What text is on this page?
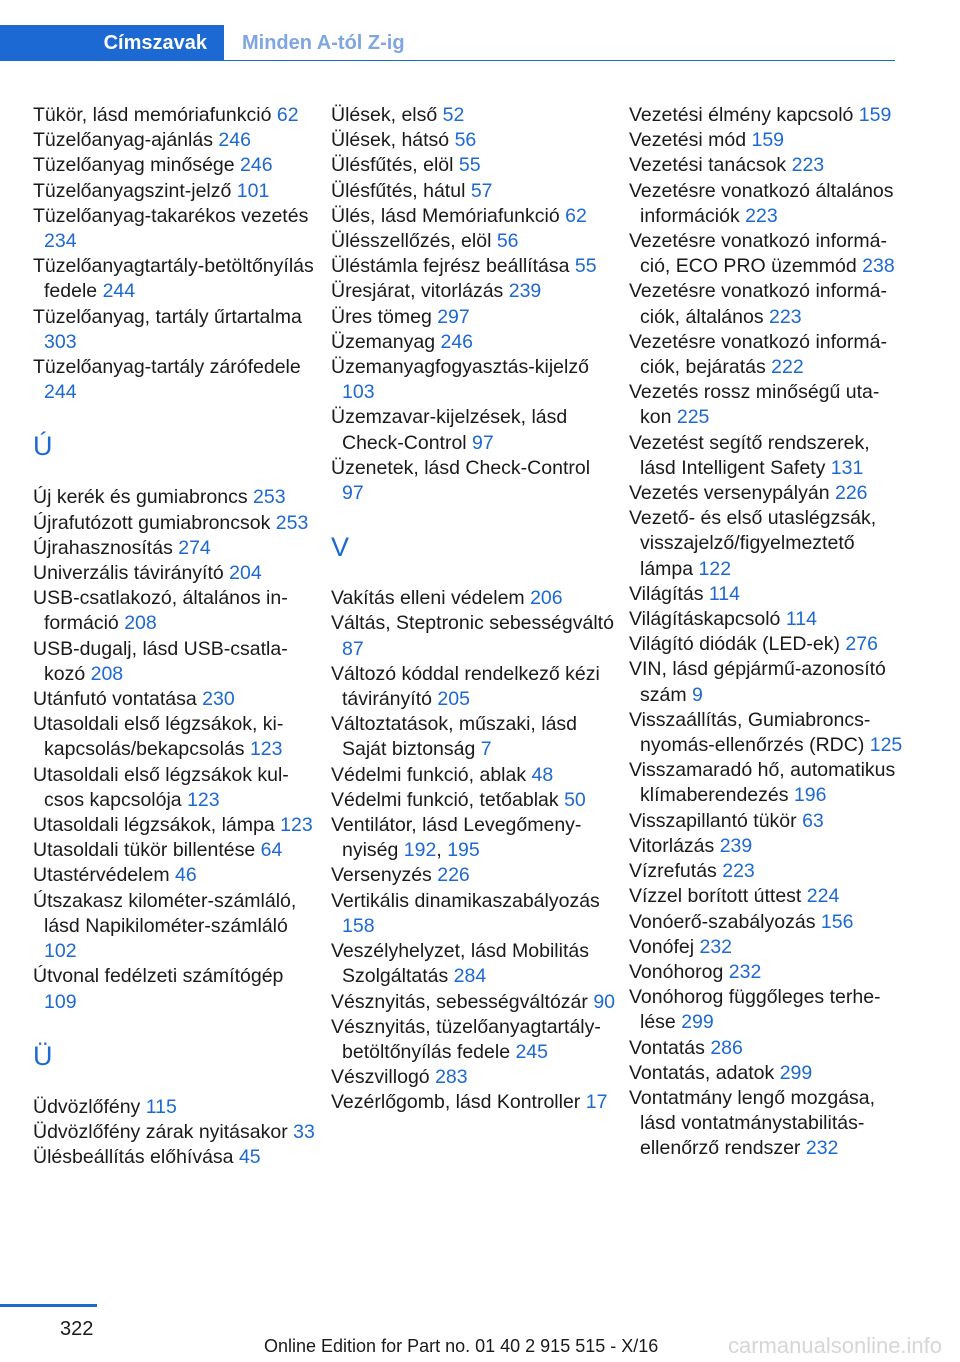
Címszavak Minden A-tól Z-ig
Tükör, lásd memóriafunkció 62
Tüzelőanyag-ajánlás 246
Tüzelőanyag minősége 246
Tüzelőanyagszint-jelző 101
Tüzelőanyag-takarékos vezetés 234
Tüzelőanyagtartály-betöltőnyílás fedele 244
Tüzelőanyag, tartály űrtartalma 303
Tüzelőanyag-tartály zárófedele 244
Ú
Új kerék és gumiabroncs 253
Újrafutózott gumiabroncsok 253
Újrahasznosítás 274
Univerzális távirányító 204
USB-csatlakozó, általános információ 208
USB-dugalj, lásd USB-csatlakozó 208
Utánfutó vontatása 230
Utasoldali első légzsákok, kikapcsolás/bekapcsolás 123
Utasoldali első légzsákok kulcsos kapcsolója 123
Utasoldali légzsákok, lámpa 123
Utasoldali tükör billentése 64
Utastérvédelem 46
Útszakasz kilométer-számláló, lásd Napikilométer-számláló 102
Útvonal fedélzeti számítógép 109
Ü
Üdvözlőfény 115
Üdvözlőfény zárak nyitásakor 33
Ülésbeállítás előhívása 45
Ülések, első 52
Ülések, hátsó 56
Ülésfűtés, elöl 55
Ülésfűtés, hátul 57
Ülés, lásd Memóriafunkció 62
Ülésszellőzés, elöl 56
Üléstámla fejrész beállítása 55
Üresjárat, vitorlázás 239
Üres tömeg 297
Üzemanyag 246
Üzemanyagfogyasztás-kijelző 103
Üzemzavar-kijelzések, lásd Check-Control 97
Üzenetek, lásd Check-Control 97
V
Vakítás elleni védelem 206
Váltás, Steptronic sebességváltó 87
Változó kóddal rendelkező kézi távirányító 205
Változtatások, műszaki, lásd Saját biztonság 7
Védelmi funkció, ablak 48
Védelmi funkció, tetőablak 50
Ventilátor, lásd Levegőmenynyiség 192, 195
Versenyzés 226
Vertikális dinamikaszabályozás 158
Veszélyhelyzet, lásd Mobilitás Szolgáltatás 284
Vésznyitás, sebességváltózár 90
Vésznyitás, tüzelőanyagtartály-betöltőnyílás fedele 245
Vészvillogó 283
Vezérlőgomb, lásd Kontroller 17
Vezetési élmény kapcsoló 159
Vezetési mód 159
Vezetési tanácsok 223
Vezetésre vonatkozó általános információk 223
Vezetésre vonatkozó információ, ECO PRO üzemmód 238
Vezetésre vonatkozó információk, általános 223
Vezetésre vonatkozó információk, bejáratás 222
Vezetés rossz minőségű utakon 225
Vezetést segítő rendszerek, lásd Intelligent Safety 131
Vezetés versenypályán 226
Vezető- és első utaslégzsák, visszajelző/figyelmeztető lámpa 122
Világítás 114
Világításkapcsoló 114
Világító diódák (LED-ek) 276
VIN, lásd gépjármű-azonosító szám 9
Visszaállítás, Gumiabroncsnyomás-ellenőrzés (RDC) 125
Visszamaradó hő, automatikus klímaberendezés 196
Visszapillantó tükör 63
Vitorlázás 239
Vízrefutás 223
Vízzel borított úttest 224
Vonóerő-szabályozás 156
Vonófej 232
Vonóhorog 232
Vonóhorog függőleges terhelése 299
Vontatás 286
Vontatás, adatok 299
Vontatmány lengő mozgása, lásd vontatmánystabilitás-ellenőrző rendszer 232
322
Online Edition for Part no. 01 40 2 915 515 - X/16	carmanualsonline.info
